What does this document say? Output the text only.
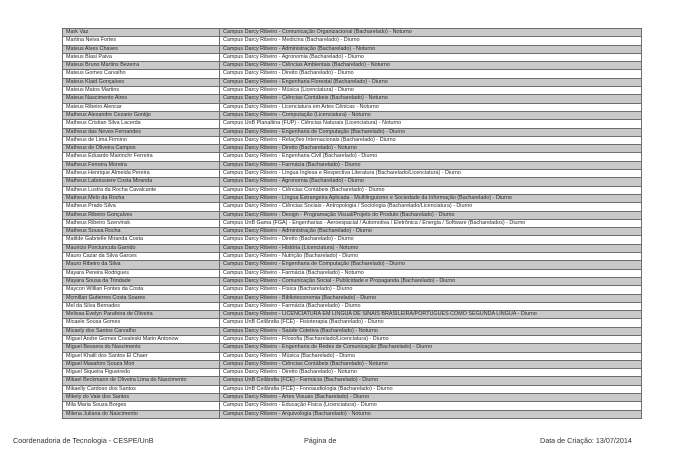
Mark Vaz	Campus Darcy Ribeiro - Comunicação Organizacional (Bacharelado) - Noturno
Martina Neiva Fortes	Campus Darcy Ribeiro - Medicina (Bacharelado) - Diurno
Mateus Alves Chaves	Campus Darcy Ribeiro - Administração (Bacharelado) - Noturno
Mateus Blasi Paiva	Campus Darcy Ribeiro - Agronomia (Bacharelado) - Diurno
Mateus Bruno Martins Bezerra	Campus Darcy Ribeiro - Ciências Ambientais (Bacharelado) - Noturno
Mateus Gomes Carvalho	Campus Darcy Ribeiro - Direito (Bacharelado) - Diurno
Mateus Klaid Gonçalves	Campus Darcy Ribeiro - Engenharia Florestal (Bacharelado) - Diurno
Mateus Matos Martins	Campus Darcy Ribeiro - Música (Licenciatura) - Diurno
Mateus Nascimento Aires	Campus Darcy Ribeiro - Ciências Contábeis (Bacharelado) - Noturno
Mateus Ribeiro Alencar	Campus Darcy Ribeiro - Licenciatura em Artes Cênicas - Noturno
Matheus Alexandre Cezario Gontijo	Campus Darcy Ribeiro - Computação (Licenciatura) - Noturno
Matheus Cristian Silva Lacerda	Campus UnB Planaltina (FUP) - Ciências Naturais (Licenciatura) - Noturno
Matheus das Neves Fernandes	Campus Darcy Ribeiro - Engenharia de Computação (Bacharelado) - Diurno
Matheus de Lima Firmino	Campus Darcy Ribeiro - Relações Internacionais (Bacharelado) - Diurno
Matheus de Oliveira Campos	Campus Darcy Ribeiro - Direito (Bacharelado) - Noturno
Matheus Eduardo Mairinchr Ferreira	Campus Darcy Ribeiro - Engenharia Civil (Bacharelado) - Diurno
Matheus Ferreira Moreira	Campus Darcy Ribeiro - Farmácia (Bacharelado) - Diurno
Matheus Henrique Almeida Pereira	Campus Darcy Ribeiro - Língua Inglesa e Respectiva Literatura (Bacharelado/Licenciatura) - Diurno
Matheus Laboissiere Costa Miranda	Campus Darcy Ribeiro - Agronomia (Bacharelado) - Diurno
Matheus Lustra da Rocha Cavalcante	Campus Darcy Ribeiro - Ciências Contábeis (Bacharelado) - Diurno
Matheus Melo da Rocha	Campus Darcy Ribeiro - Língua Estrangeira Aplicada - Multilinguismo e Sociedade da Informação (Bacharelado) - Diurno
Matheus Prado Silva	Campus Darcy Ribeiro - Ciências Sociais - Antropologia / Sociologia (Bacharelado/Licenciatura) - Diurno
Matheus Ribeiro Gonçalves	Campus Darcy Ribeiro - Design - Programação Visual/Projeto do Produto (Bacharelado) - Diurno
Matheus Ribeiro Szervinsk	Campus UnB Gama (FGA) - Engenharias - Aeroespacial / Automotiva / Eletrônica / Energia / Software (Bacharelados) - Diurno
Matheus Sousa Rocha	Campus Darcy Ribeiro - Administração (Bacharelado) - Diurno
Matilde Gabrielle Miranda Costa	Campus Darcy Ribeiro - Direito (Bacharelado) - Diurno
Mauricio Porciuncula Garrido	Campus Darcy Ribeiro - História (Licenciatura) - Noturno
Mauro Cazar da Silva Garces	Campus Darcy Ribeiro - Nutrição (Bacharelado) - Diurno
Mauro Ribeiro da Silva	Campus Darcy Ribeiro - Engenharia de Computação (Bacharelado) - Diurno
Mayara Pereira Rodrigues	Campus Darcy Ribeiro - Farmácia (Bacharelado) - Noturno
Mayara Sousa da Trindade	Campus Darcy Ribeiro - Comunicação Social - Publicidade e Propaganda (Bacharelado) - Diurno
Maycon Willian Fontes da Costa	Campus Darcy Ribeiro - Física (Bacharelado) - Diurno
Mcmillan Gutierres Costa Soares	Campus Darcy Ribeiro - Biblioteconomia (Bacharelado) - Diurno
Mel da Silva Bernades	Campus Darcy Ribeiro - Farmácia (Bacharelado) - Diurno
Melissa Evelyn Parafeira de Oliveira	Campus Darcy Ribeiro - LICENCIATURA EM LÍNGUA DE SINAIS BRASILEIRA/PORTUGUÊS COMO SEGUNDA LÍNGUA - Diurno
Micaele Sousa Gomes	Campus UnB Ceilândia (FCE) - Fisioterapia (Bacharelado) - Diurno
Micaely dos Santos Carvalho	Campus Darcy Ribeiro - Saúde Coletiva (Bacharelado) - Noturno
Miguel Andre Gomes Covaleski Marin Antonow	Campus Darcy Ribeiro - Filosofia (Bacharelado/Licenciatura) - Diurno
Miguel Bessera do Nascimento	Campus Darcy Ribeiro - Engenharia de Redes de Comunicação (Bacharelado) - Diurno
Miguel Khalil dos Santos El Chaer	Campus Darcy Ribeiro - Música (Bacharelado) - Diurno
Miguel Masahiro Souza Mori	Campus Darcy Ribeiro - Ciências Contábeis (Bacharelado) - Noturno
Miguel Siqueira Figueiredo	Campus Darcy Ribeiro - Direito (Bacharelado) - Noturno
Mikael Beckmann de Oliveira Lima do Nascimento	Campus UnB Ceilândia (FCE) - Farmácia (Bacharelado) - Diurno
Mikaelly Cardoso dos Santos	Campus UnB Ceilândia (FCE) - Fonoaudiologia (Bacharelado) - Diurno
Mikely do Vale dos Santos	Campus Darcy Ribeiro - Artes Visuais (Bacharelado) - Diurno
Mila Maria Souza Borges	Campus Darcy Ribeiro - Educação Física (Licenciatura) - Diurno
Milena Juliana do Nascimento	Campus Darcy Ribeiro - Arquivologia (Bacharelado) - Noturno
Coordenadoria de Tecnologia - CESPE/UnB	Página de	Data de Criação: 13/07/2014
